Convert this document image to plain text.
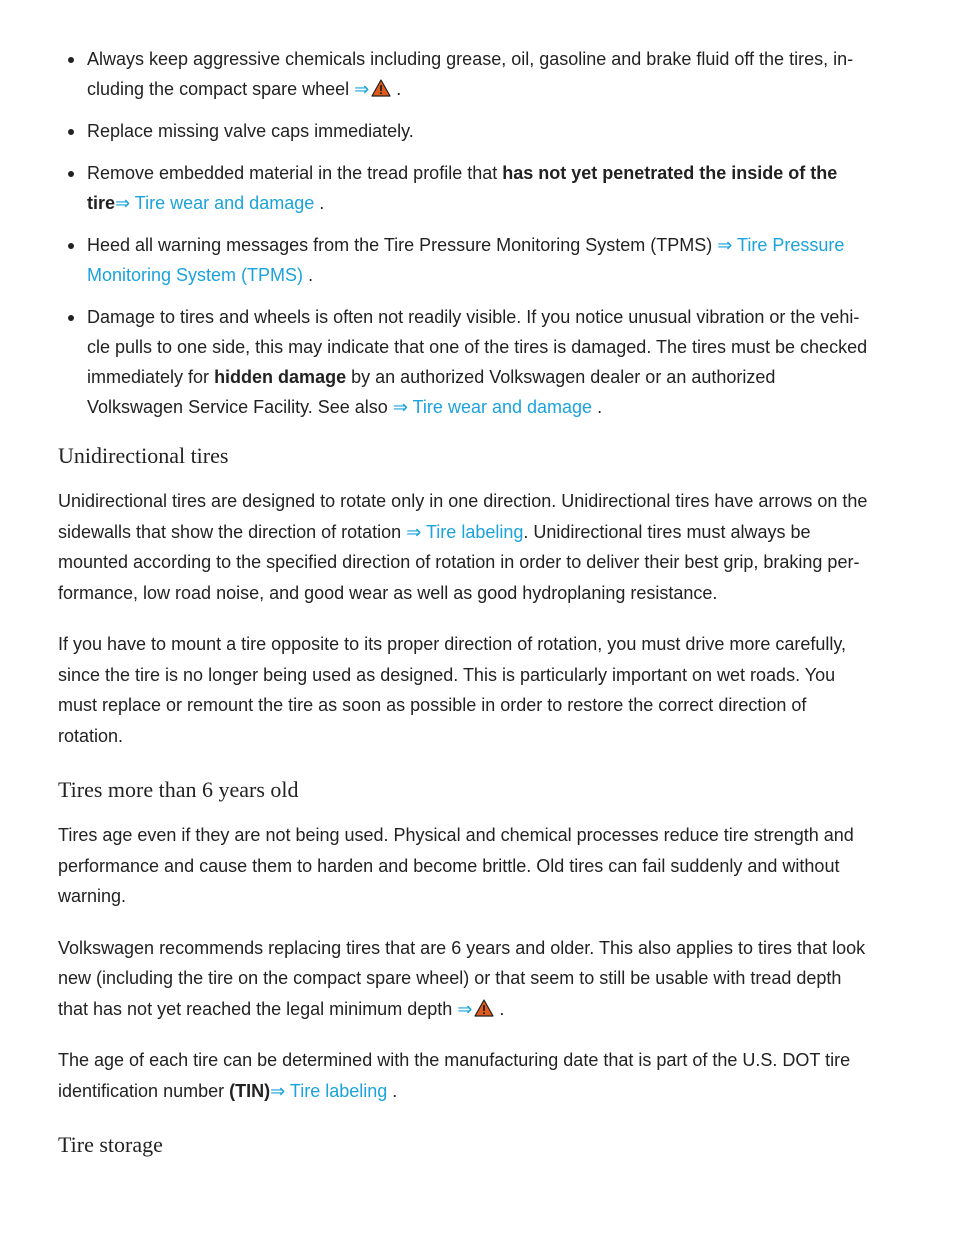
Always keep aggressive chemicals including grease, oil, gasoline and brake fluid off the tires, in-
cluding the compact spare wheel ⇒ .
Replace missing valve caps immediately.
Remove embedded material in the tread profile that has not yet penetrated the inside of the
tire⇒ Tire wear and damage .
Heed all warning messages from the Tire Pressure Monitoring System (TPMS) ⇒ Tire Pressure
Monitoring System (TPMS) .
Damage to tires and wheels is often not readily visible. If you notice unusual vibration or the vehi-
cle pulls to one side, this may indicate that one of the tires is damaged. The tires must be checked
immediately for hidden damage by an authorized Volkswagen dealer or an authorized
Volkswagen Service Facility. See also ⇒ Tire wear and damage .
Unidirectional tires

Unidirectional tires are designed to rotate only in one direction. Unidirectional tires have arrows on the
sidewalls that show the direction of rotation ⇒ Tire labeling. Unidirectional tires must always be
mounted according to the specified direction of rotation in order to deliver their best grip, braking per-
formance, low road noise, and good wear as well as good hydroplaning resistance.

If you have to mount a tire opposite to its proper direction of rotation, you must drive more carefully,
since the tire is no longer being used as designed. This is particularly important on wet roads. You
must replace or remount the tire as soon as possible in order to restore the correct direction of
rotation.

Tires more than 6 years old

Tires age even if they are not being used. Physical and chemical processes reduce tire strength and
performance and cause them to harden and become brittle. Old tires can fail suddenly and without
warning.

Volkswagen recommends replacing tires that are 6 years and older. This also applies to tires that look
new (including the tire on the compact spare wheel) or that seem to still be usable with tread depth
that has not yet reached the legal minimum depth ⇒ .

The age of each tire can be determined with the manufacturing date that is part of the U.S. DOT tire
identification number (TIN)⇒ Tire labeling .

Tire storage
